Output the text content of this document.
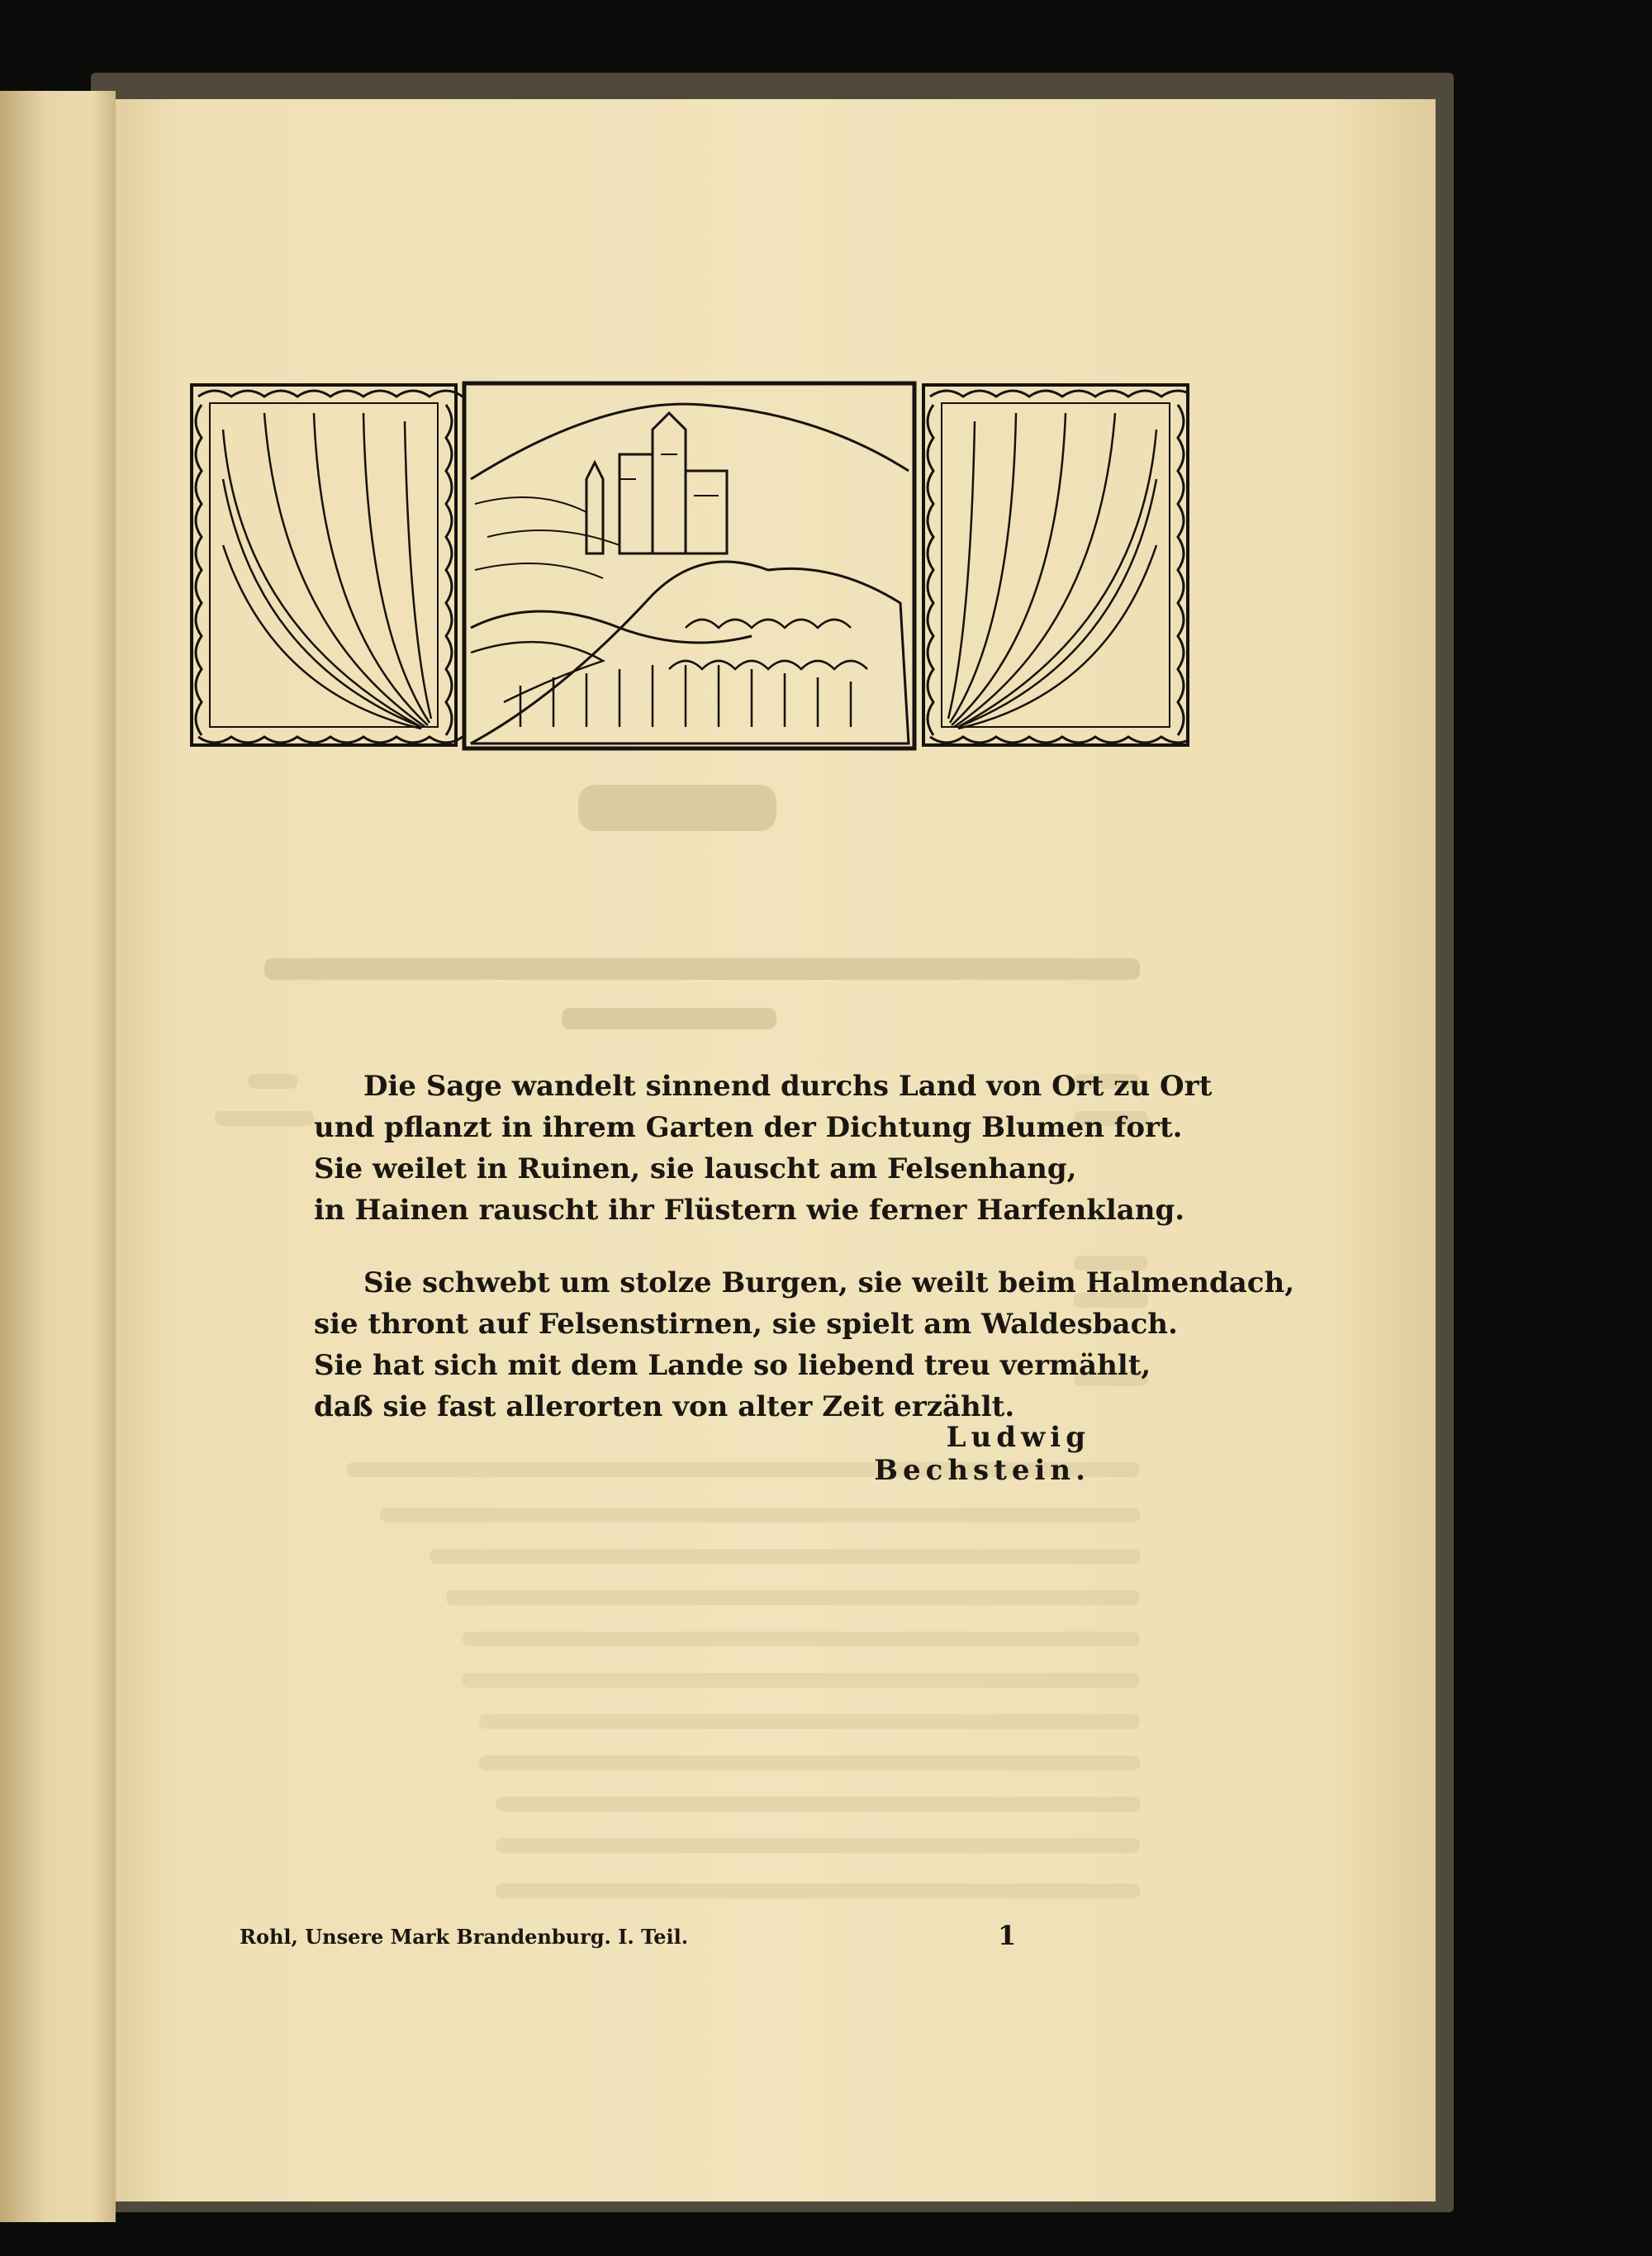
Die Sage wandelt sinnend durchs Land von Ort zu Ort
und pflanzt in ihrem Garten der Dichtung Blumen fort.
Sie weilet in Ruinen, sie lauscht am Felsenhang,
in Hainen rauscht ihr Flüstern wie ferner Harfenklang.
Sie schwebt um stolze Burgen, sie weilt beim Halmendach,
sie thront auf Felsenstirnen, sie spielt am Waldesbach.
Sie hat sich mit dem Lande so liebend treu vermählt,
daß sie fast allerorten von alter Zeit erzählt.
Ludwig Bechstein.
Rohl, Unsere Mark Brandenburg. I. Teil.	1
